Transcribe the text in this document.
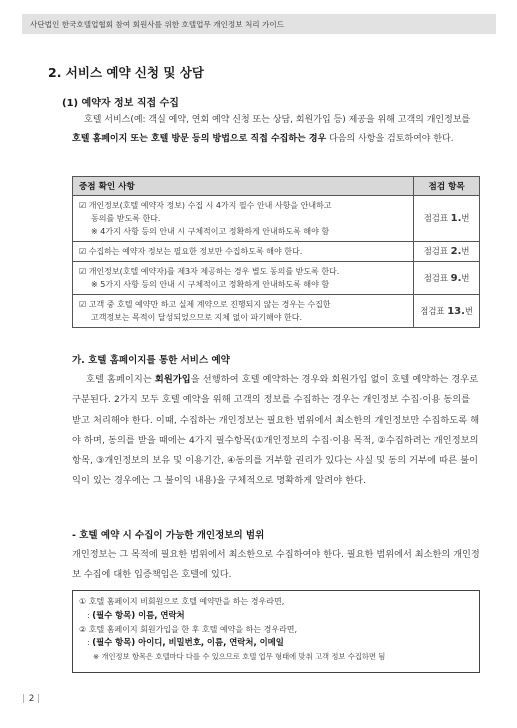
사단법인 한국호텔업협회 참여 회원사를 위한 호텔업무 개인정보 처리 가이드
2. 서비스 예약 신청 및 상담
(1) 예약자 정보 직접 수집
호텔 서비스(예: 객실 예약, 연회 예약 신청 또는 상담, 회원가입 등) 제공을 위해 고객의 개인정보를 호텔 홈페이지 또는 호텔 방문 등의 방법으로 직접 수집하는 경우 다음의 사항을 검토하여야 한다.
중점 확인 사항	점검 항목
☑ 개인정보(호텔 예약자 정보) 수집 시 4가지 필수 안내 사항을 안내하고
동의를 받도록 한다.
※ 4가지 사항 등의 안내 시 구체적이고 정확하게 안내하도록 해야 함	점검표 1.번
☑ 수집하는 예약자 정보는 필요한 정보만 수집하도록 해야 한다.	점검표 2.번
☑ 개인정보(호텔 예약자)를 제3자 제공하는 경우 별도 동의를 받도록 한다.
※ 5가지 사항 등의 안내 시 구체적이고 정확하게 안내하도록 해야 함	점검표 9.번
☑ 고객 중 호텔 예약만 하고 실제 계약으로 진행되지 않는 경우는 수집한
고객정보는 목적이 달성되었으므로 지체 없이 파기해야 한다.	점검표 13.번
가. 호텔 홈페이지를 통한 서비스 예약
호텔 홈페이지는 회원가입을 선행하여 호텔 예약하는 경우와 회원가입 없이 호텔 예약하는 경우로 구분된다. 2가지 모두 호텔 예약을 위해 고객의 정보를 수집하는 경우는 개인정보 수집·이용 동의를 받고 처리해야 한다. 이때, 수집하는 개인정보는 필요한 범위에서 최소한의 개인정보만 수집하도록 해야 하며, 동의를 받을 때에는 4가지 필수항목(①개인정보의 수집·이용 목적, ②수집하려는 개인정보의 항목, ③개인정보의 보유 및 이용기간, ④동의를 거부할 권리가 있다는 사실 및 동의 거부에 따른 불이익이 있는 경우에는 그 불이익 내용)을 구체적으로 명확하게 알려야 한다.
- 호텔 예약 시 수집이 가능한 개인정보의 범위
개인정보는 그 목적에 필요한 범위에서 최소한으로 수집하여야 한다. 필요한 범위에서 최소한의 개인정보 수집에 대한 입증책임은 호텔에 있다.
① 호텔 홈페이지 비회원으로 호텔 예약만을 하는 경우라면,
: (필수 항목) 이름, 연락처
② 호텔 홈페이지 회원가입을 한 후 호텔 예약을 하는 경우라면,
: (필수 항목) 아이디, 비밀번호, 이름, 연락처, 이메일
※ 개인정보 항목은 호텔마다 다를 수 있으므로 호텔 업무 형태에 맞춰 고객 정보 수집하면 됨
| 2 |
